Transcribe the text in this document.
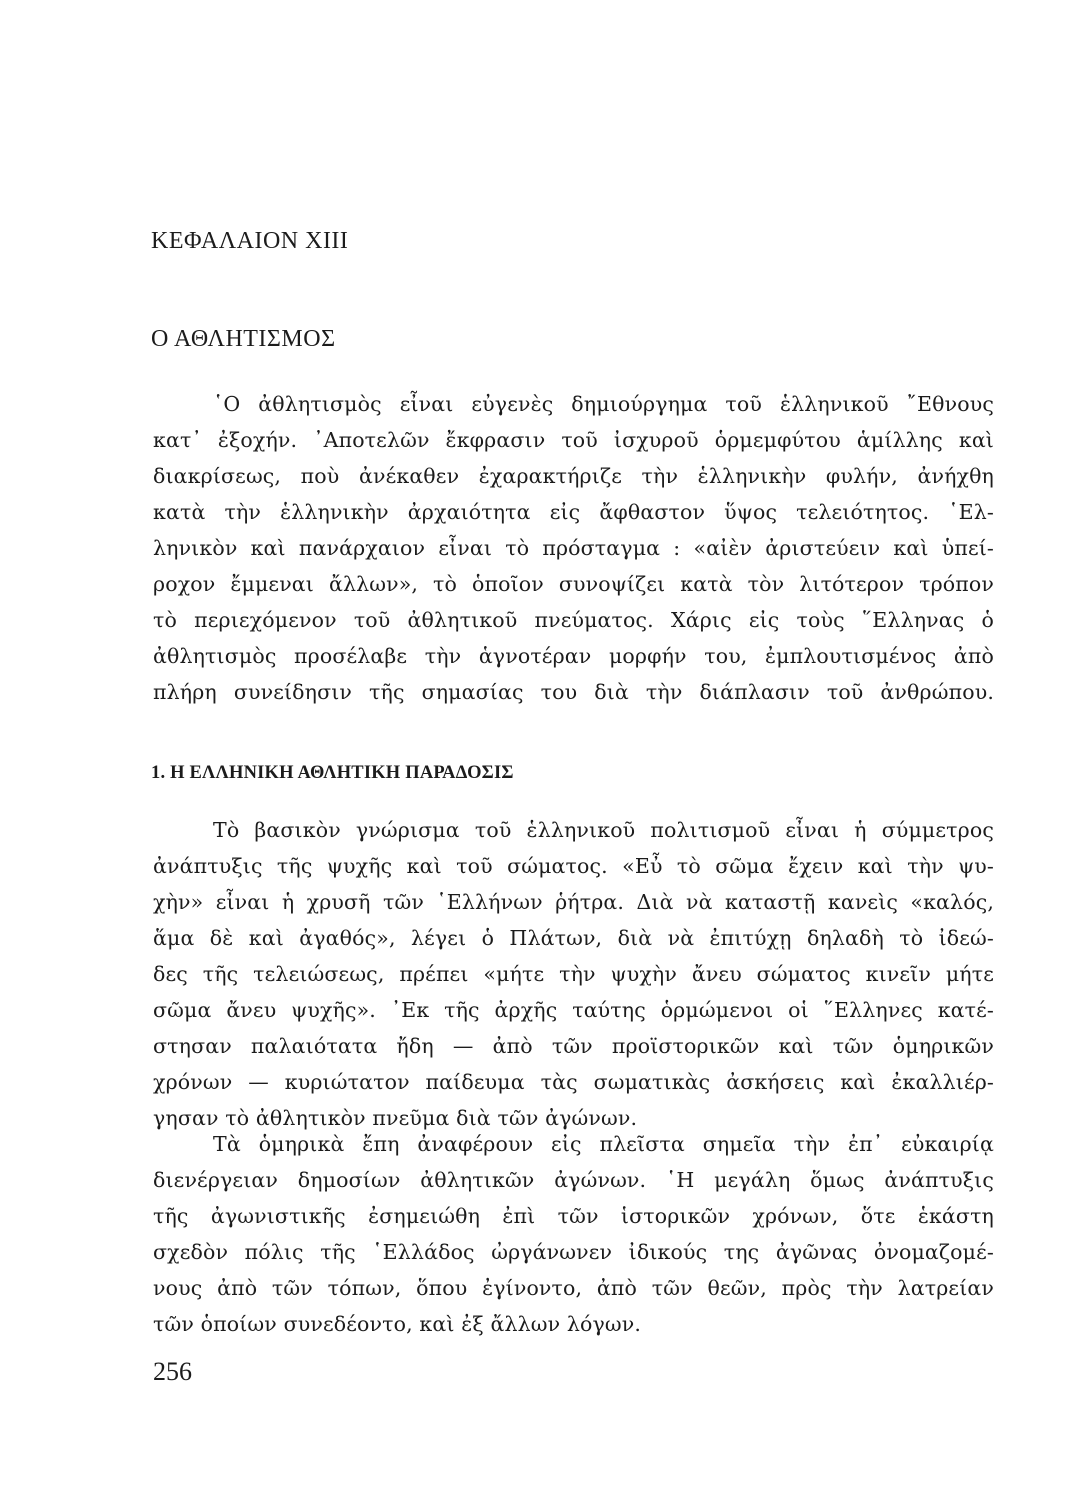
ΚΕΦΑΛΑΙΟΝ XIII
Ο ΑΘΛΗΤΙΣΜΟΣ
῾Ο ἀθλητισμὸς εἶναι εὐγενὲς δημιούργημα τοῦ ἑλληνικοῦ ῎Εθνους
κατ᾽ ἐξοχήν. ᾽Αποτελῶν ἔκφρασιν τοῦ ἰσχυροῦ ὁρμεμφύτου ἁμίλλης καὶ
διακρίσεως, ποὺ ἀνέκαθεν ἐχαρακτήριζε τὴν ἑλληνικὴν φυλήν, ἀνήχθη
κατὰ τὴν ἑλληνικὴν ἀρχαιότητα εἰς ἄφθαστον ὕψος τελειότητος. ῾Ελ-
ληνικὸν καὶ πανάρχαιον εἶναι τὸ πρόσταγμα : «αἰὲν ἀριστεύειν καὶ ὑπεί-
ροχον ἔμμεναι ἄλλων», τὸ ὁποῖον συνοψίζει κατὰ τὸν λιτότερον τρόπον
τὸ περιεχόμενον τοῦ ἀθλητικοῦ πνεύματος. Χάρις εἰς τοὺς ῞Ελληνας ὁ
ἀθλητισμὸς προσέλαβε τὴν ἁγνοτέραν μορφήν του, ἐμπλουτισμένος ἀπὸ
πλήρη συνείδησιν τῆς σημασίας του διὰ τὴν διάπλασιν τοῦ ἀνθρώπου.
1. Η ΕΛΛΗΝΙΚΗ ΑΘΛΗΤΙΚΗ ΠΑΡΑΔΟΣΙΣ
Τὸ βασικὸν γνώρισμα τοῦ ἑλληνικοῦ πολιτισμοῦ εἶναι ἡ σύμμετρος
ἀνάπτυξις τῆς ψυχῆς καὶ τοῦ σώματος. «Εὖ τὸ σῶμα ἔχειν καὶ τὴν ψυ-
χὴν» εἶναι ἡ χρυσῆ τῶν ῾Ελλήνων ῥήτρα. Διὰ νὰ καταστῇ κανεὶς «καλός,
ἅμα δὲ καὶ ἀγαθός», λέγει ὁ Πλάτων, διὰ νὰ ἐπιτύχῃ δηλαδὴ τὸ ἰδεώ-
δες τῆς τελειώσεως, πρέπει «μήτε τὴν ψυχὴν ἄνευ σώματος κινεῖν μήτε
σῶμα ἄνευ ψυχῆς». ᾽Εκ τῆς ἀρχῆς ταύτης ὁρμώμενοι οἱ ῞Ελληνες κατέ-
στησαν παλαιότατα ἤδη — ἀπὸ τῶν προϊστορικῶν καὶ τῶν ὁμηρικῶν
χρόνων — κυριώτατον παίδευμα τὰς σωματικὰς ἀσκήσεις καὶ ἐκαλλιέρ-
γησαν τὸ ἀθλητικὸν πνεῦμα διὰ τῶν ἀγώνων.
Τὰ ὁμηρικὰ ἔπη ἀναφέρουν εἰς πλεῖστα σημεῖα τὴν ἐπ᾽ εὐκαιρίᾳ
διενέργειαν δημοσίων ἀθλητικῶν ἀγώνων. ῾Η μεγάλη ὅμως ἀνάπτυξις
τῆς ἀγωνιστικῆς ἐσημειώθη ἐπὶ τῶν ἱστορικῶν χρόνων, ὅτε ἑκάστη
σχεδὸν πόλις τῆς ῾Ελλάδος ὠργάνωνεν ἰδικούς της ἀγῶνας ὀνομαζομέ-
νους ἀπὸ τῶν τόπων, ὅπου ἐγίνοντο, ἀπὸ τῶν θεῶν, πρὸς τὴν λατρείαν
τῶν ὁποίων συνεδέοντο, καὶ ἐξ ἄλλων λόγων.
256
